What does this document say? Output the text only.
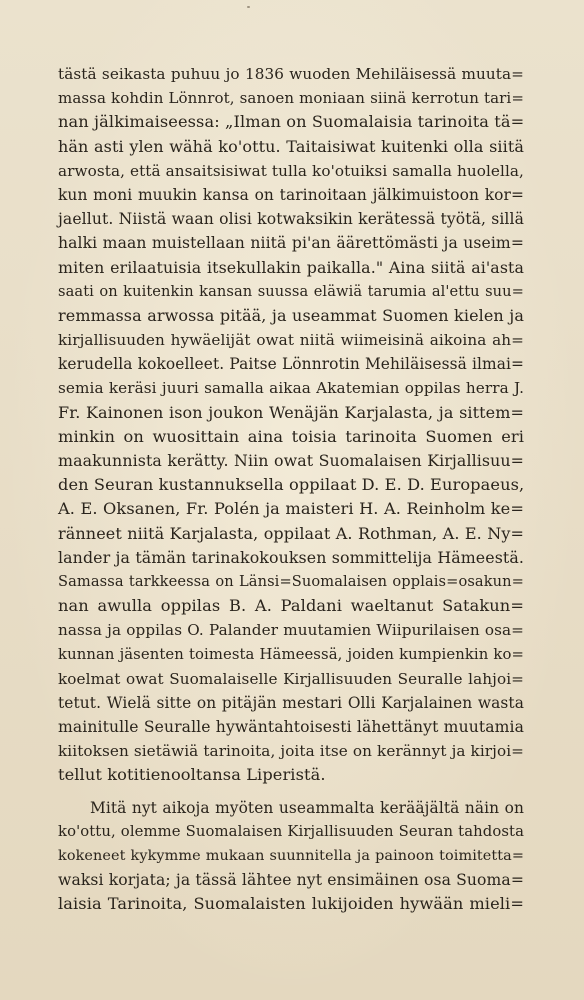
tästä seikasta puhuu jo 1836 wuoden Mehiläisessä muuta=
massa kohdin Lönnrot, sanoen moniaan siinä kerrotun tari=
nan jälkimaiseessa: „Ilman on Suomalaisia tarinoita tä=
hän asti ylen wähä ko'ottu. Taitaisiwat kuitenki olla siitä
arwosta, että ansaitsisiwat tulla ko'otuiksi samalla huolella,
kun moni muukin kansa on tarinoitaan jälkimuistoon kor=
jaellut. Niistä waan olisi kotwaksikin kerätessä työtä, sillä
halki maan muistellaan niitä pi'an äärettömästi ja useim=
miten erilaatuisia itsekullakin paikalla." Aina siitä ai'asta
saati on kuitenkin kansan suussa eläwiä tarumia al'ettu suu=
remmassa arwossa pitää, ja useammat Suomen kielen ja
kirjallisuuden hywäelijät owat niitä wiimeisinä aikoina ah=
kerudella kokoelleet. Paitse Lönnrotin Mehiläisessä ilmai=
semia keräsi juuri samalla aikaa Akatemian oppilas herra J.
Fr. Kainonen ison joukon Wenäjän Karjalasta, ja sittem=
minkin on wuosittain aina toisia tarinoita Suomen eri
maakunnista kerätty. Niin owat Suomalaisen Kirjallisuu=
den Seuran kustannuksella oppilaat D. E. D. Europaeus,
A. E. Oksanen, Fr. Polén ja maisteri H. A. Reinholm ke=
ränneet niitä Karjalasta, oppilaat A. Rothman, A. E. Ny=
lander ja tämän tarinakokouksen sommittelija Hämeestä.
Samassa tarkkeessa on Länsi=Suomalaisen opplais=osakun=
nan awulla oppilas B. A. Paldani waeltanut Satakun=
nassa ja oppilas O. Palander muutamien Wiipurilaisen osa=
kunnan jäsenten toimesta Hämeessä, joiden kumpienkin ko=
koelmat owat Suomalaiselle Kirjallisuuden Seuralle lahjoi=
tetut. Wielä sitte on pitäjän mestari Olli Karjalainen wasta
mainitulle Seuralle hywäntahtoisesti lähettänyt muutamia
kiitoksen sietäwiä tarinoita, joita itse on kerännyt ja kirjoi=
tellut kotitienooltansa Liperistä.
Mitä nyt aikoja myöten useammalta kerääjältä näin on
ko'ottu, olemme Suomalaisen Kirjallisuuden Seuran tahdosta
kokeneet kykymme mukaan suunnitella ja painoon toimitetta=
waksi korjata; ja tässä lähtee nyt ensimäinen osa Suoma=
laisia Tarinoita, Suomalaisten lukijoiden hywään mieli=
